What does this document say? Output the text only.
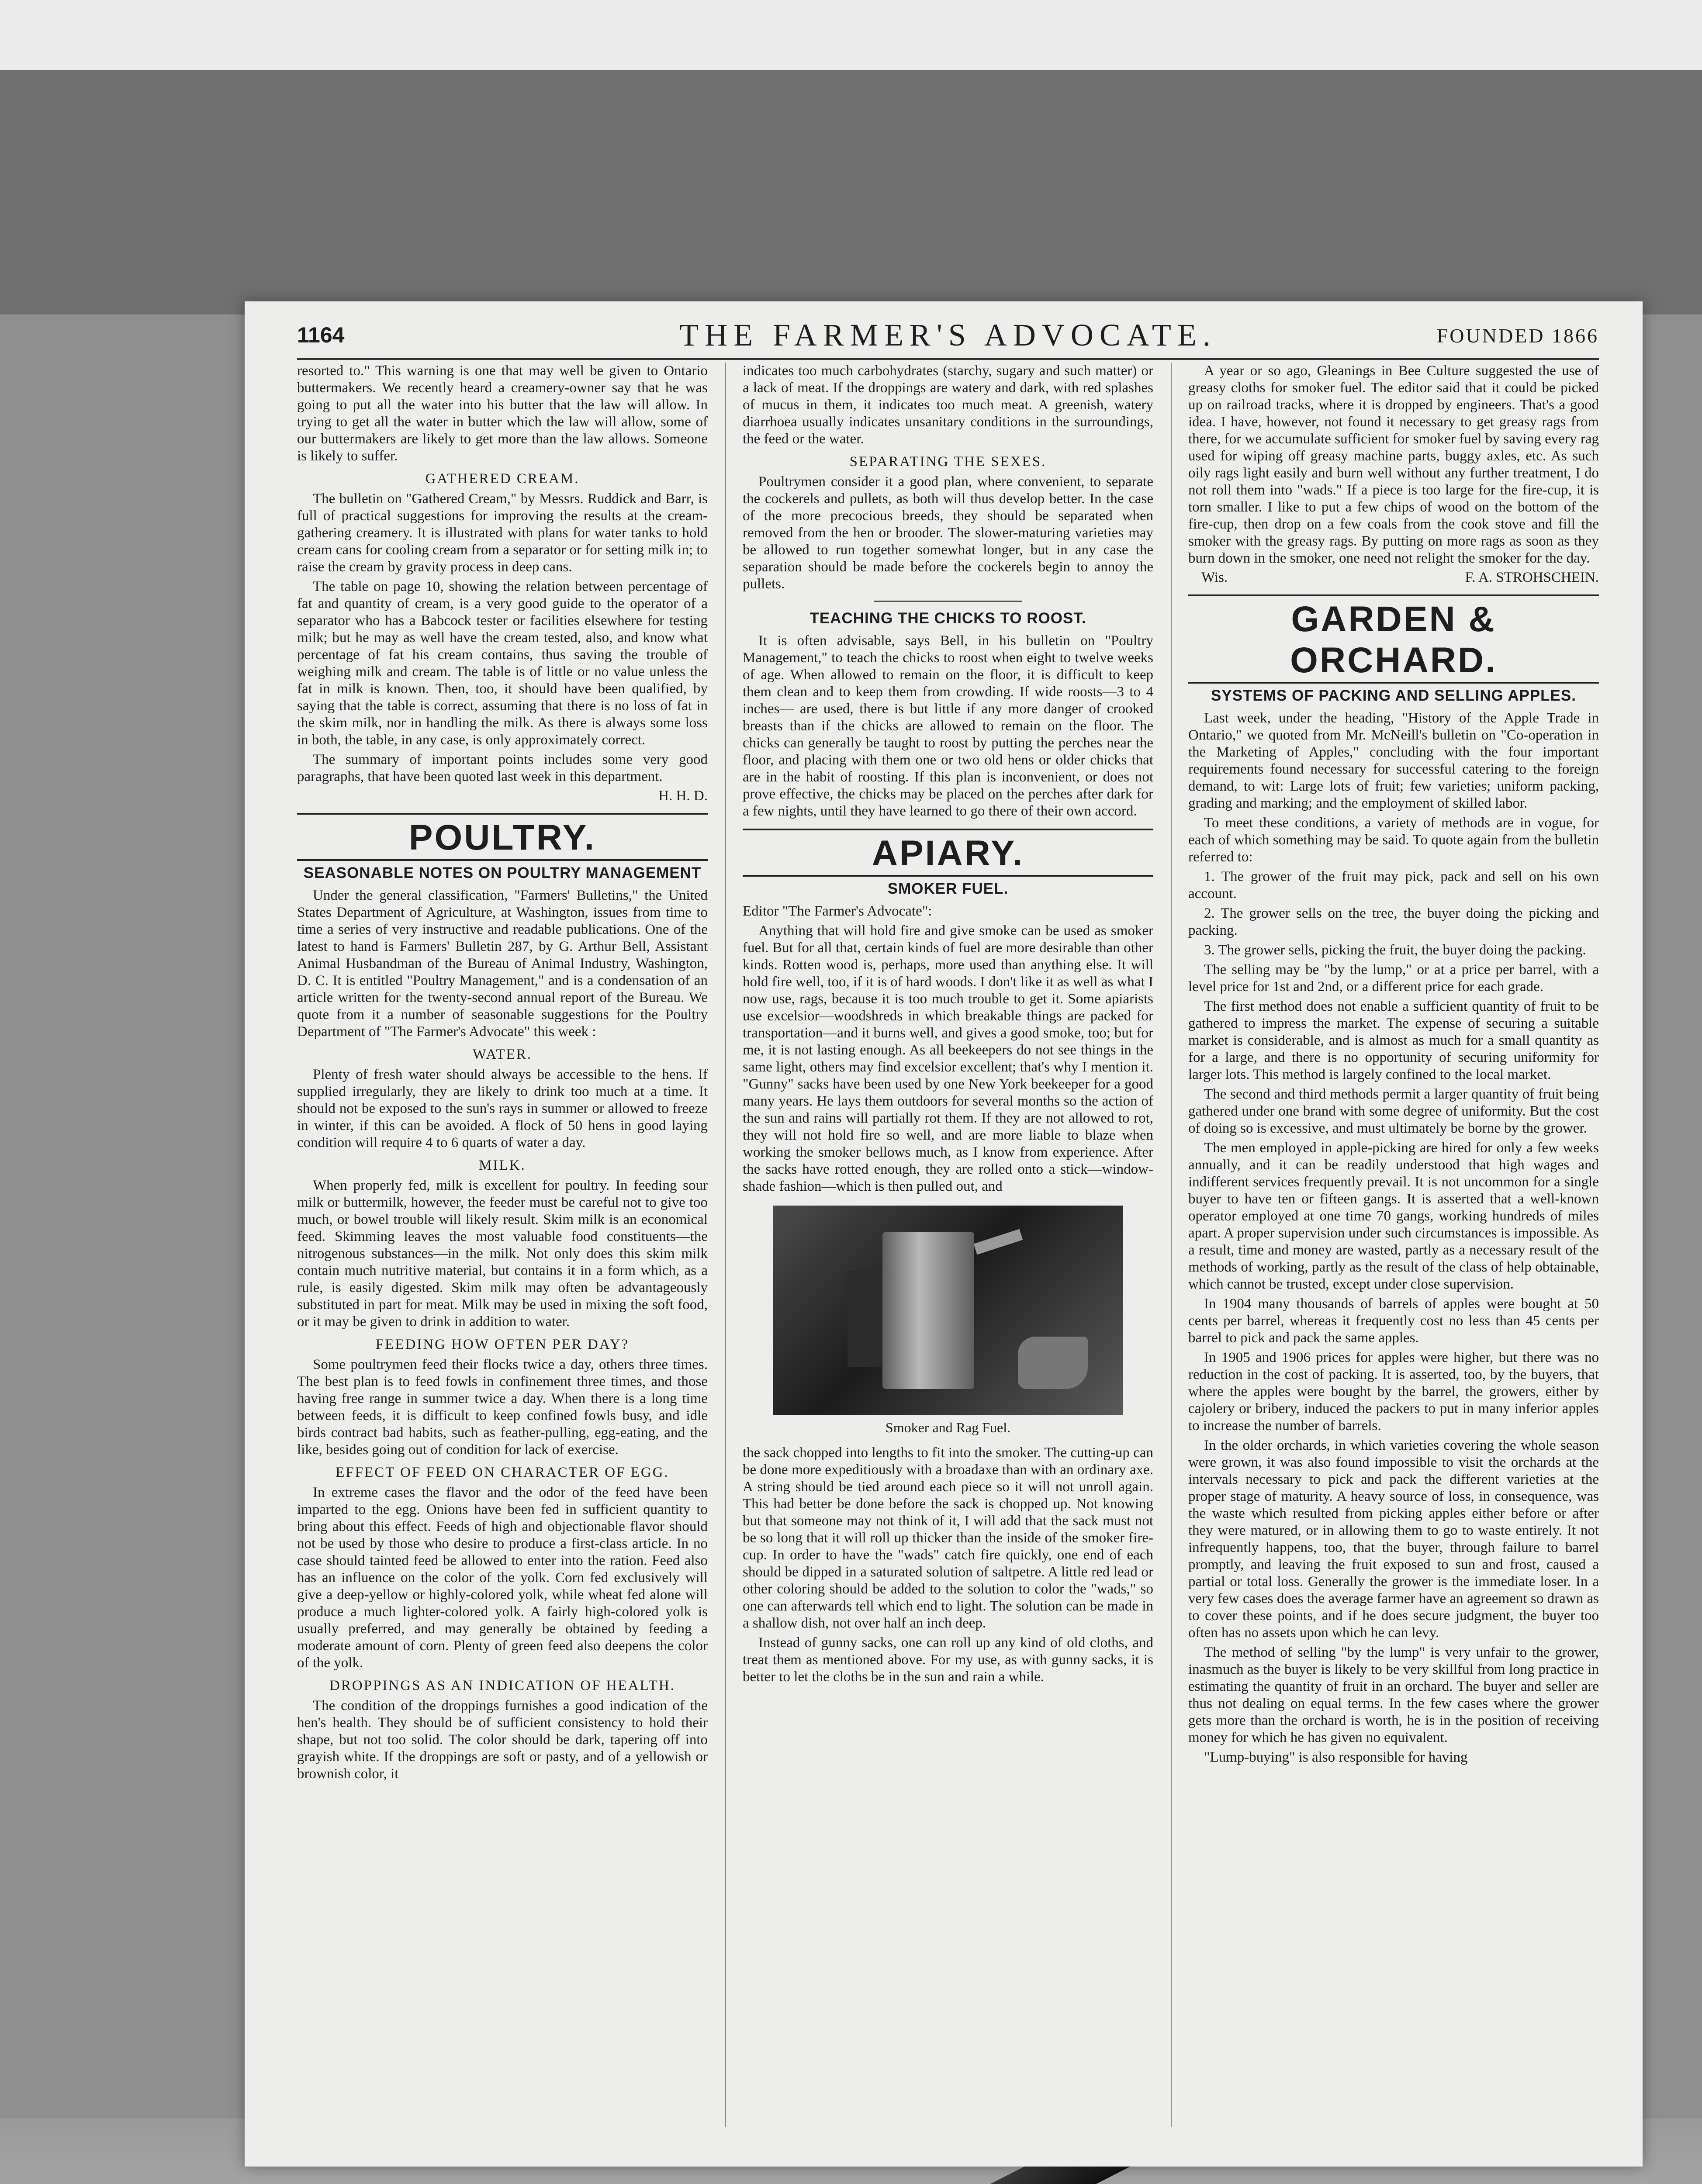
1164	THE FARMER'S ADVOCATE.	FOUNDED 1866

resorted to." This warning is one that may well be given to Ontario buttermakers. We recently heard a creamery-owner say that he was going to put all the water into his butter that the law will allow. In trying to get all the water in butter which the law will allow, some of our buttermakers are likely to get more than the law allows. Someone is likely to suffer.

GATHERED CREAM.

The bulletin on "Gathered Cream," by Messrs. Ruddick and Barr, is full of practical suggestions for improving the results at the cream-gathering creamery. It is illustrated with plans for water tanks to hold cream cans for cooling cream from a separator or for setting milk in; to raise the cream by gravity process in deep cans.

The table on page 10, showing the relation between percentage of fat and quantity of cream, is a very good guide to the operator of a separator who has a Babcock tester or facilities elsewhere for testing milk; but he may as well have the cream tested, also, and know what percentage of fat his cream contains, thus saving the trouble of weighing milk and cream. The table is of little or no value unless the fat in milk is known. Then, too, it should have been qualified, by saying that the table is correct, assuming that there is no loss of fat in the skim milk, nor in handling the milk. As there is always some loss in both, the table, in any case, is only approximately correct.

The summary of important points includes some very good paragraphs, that have been quoted last week in this department.

H. H. D.
POULTRY.
SEASONABLE NOTES ON POULTRY MANAGEMENT

Under the general classification, "Farmers' Bulletins," the United States Department of Agriculture, at Washington, issues from time to time a series of very instructive and readable publications. One of the latest to hand is Farmers' Bulletin 287, by G. Arthur Bell, Assistant Animal Husbandman of the Bureau of Animal Industry, Washington, D. C. It is entitled "Poultry Management," and is a condensation of an article written for the twenty-second annual report of the Bureau. We quote from it a number of seasonable suggestions for the Poultry Department of "The Farmer's Advocate" this week :

WATER.

Plenty of fresh water should always be accessible to the hens. If supplied irregularly, they are likely to drink too much at a time. It should not be exposed to the sun's rays in summer or allowed to freeze in winter, if this can be avoided. A flock of 50 hens in good laying condition will require 4 to 6 quarts of water a day.

MILK.

When properly fed, milk is excellent for poultry. In feeding sour milk or buttermilk, however, the feeder must be careful not to give too much, or bowel trouble will likely result. Skim milk is an economical feed. Skimming leaves the most valuable food constituents—the nitrogenous substances—in the milk. Not only does this skim milk contain much nutritive material, but contains it in a form which, as a rule, is easily digested. Skim milk may often be advantageously substituted in part for meat. Milk may be used in mixing the soft food, or it may be given to drink in addition to water.

FEEDING HOW OFTEN PER DAY?

Some poultrymen feed their flocks twice a day, others three times. The best plan is to feed fowls in confinement three times, and those having free range in summer twice a day. When there is a long time between feeds, it is difficult to keep confined fowls busy, and idle birds contract bad habits, such as feather-pulling, egg-eating, and the like, besides going out of condition for lack of exercise.

EFFECT OF FEED ON CHARACTER OF EGG.

In extreme cases the flavor and the odor of the feed have been imparted to the egg. Onions have been fed in sufficient quantity to bring about this effect. Feeds of high and objectionable flavor should not be used by those who desire to produce a first-class article. In no case should tainted feed be allowed to enter into the ration. Feed also has an influence on the color of the yolk. Corn fed exclusively will give a deep-yellow or highly-colored yolk, while wheat fed alone will produce a much lighter-colored yolk. A fairly high-colored yolk is usually preferred, and may generally be obtained by feeding a moderate amount of corn. Plenty of green feed also deepens the color of the yolk.

DROPPINGS AS AN INDICATION OF HEALTH.

The condition of the droppings furnishes a good indication of the hen's health. They should be of sufficient consistency to hold their shape, but not too solid. The color should be dark, tapering off into grayish white. If the droppings are soft or pasty, and of a yellowish or brownish color, it

indicates too much carbohydrates (starchy, sugary and such matter) or a lack of meat. If the droppings are watery and dark, with red splashes of mucus in them, it indicates too much meat. A greenish, watery diarrhoea usually indicates unsanitary conditions in the surroundings, the feed or the water.

SEPARATING THE SEXES.

Poultrymen consider it a good plan, where convenient, to separate the cockerels and pullets, as both will thus develop better. In the case of the more precocious breeds, they should be separated when removed from the hen or brooder. The slower-maturing varieties may be allowed to run together somewhat longer, but in any case the separation should be made before the cockerels begin to annoy the pullets.

TEACHING THE CHICKS TO ROOST.

It is often advisable, says Bell, in his bulletin on "Poultry Management," to teach the chicks to roost when eight to twelve weeks of age. When allowed to remain on the floor, it is difficult to keep them clean and to keep them from crowding. If wide roosts—3 to 4 inches— are used, there is but little if any more danger of crooked breasts than if the chicks are allowed to remain on the floor. The chicks can generally be taught to roost by putting the perches near the floor, and placing with them one or two old hens or older chicks that are in the habit of roosting. If this plan is inconvenient, or does not prove effective, the chicks may be placed on the perches after dark for a few nights, until they have learned to go there of their own accord.

APIARY.
SMOKER FUEL.

Editor "The Farmer's Advocate":

Anything that will hold fire and give smoke can be used as smoker fuel. But for all that, certain kinds of fuel are more desirable than other kinds. Rotten wood is, perhaps, more used than anything else. It will hold fire well, too, if it is of hard woods. I don't like it as well as what I now use, rags, because it is too much trouble to get it. Some apiarists use excelsior—woodshreds in which breakable things are packed for transportation—and it burns well, and gives a good smoke, too; but for me, it is not lasting enough. As all beekeepers do not see things in the same light, others may find excelsior excellent; that's why I mention it. "Gunny" sacks have been used by one New York beekeeper for a good many years. He lays them outdoors for several months so the action of the sun and rains will partially rot them. If they are not allowed to rot, they will not hold fire so well, and are more liable to blaze when working the smoker bellows much, as I know from experience. After the sacks have rotted enough, they are rolled onto a stick—window-shade fashion—which is then pulled out, and

Smoker and Rag Fuel.

the sack chopped into lengths to fit into the smoker. The cutting-up can be done more expeditiously with a broadaxe than with an ordinary axe. A string should be tied around each piece so it will not unroll again. This had better be done before the sack is chopped up. Not knowing but that someone may not think of it, I will add that the sack must not be so long that it will roll up thicker than the inside of the smoker fire-cup. In order to have the "wads" catch fire quickly, one end of each should be dipped in a saturated solution of saltpetre. A little red lead or other coloring should be added to the solution to color the "wads," so one can afterwards tell which end to light. The solution can be made in a shallow dish, not over half an inch deep.

Instead of gunny sacks, one can roll up any kind of old cloths, and treat them as mentioned above. For my use, as with gunny sacks, it is better to let the cloths be in the sun and rain a while.

A year or so ago, Gleanings in Bee Culture suggested the use of greasy cloths for smoker fuel. The editor said that it could be picked up on railroad tracks, where it is dropped by engineers. That's a good idea. I have, however, not found it necessary to get greasy rags from there, for we accumulate sufficient for smoker fuel by saving every rag used for wiping off greasy machine parts, buggy axles, etc. As such oily rags light easily and burn well without any further treatment, I do not roll them into "wads." If a piece is too large for the fire-cup, it is torn smaller. I like to put a few chips of wood on the bottom of the fire-cup, then drop on a few coals from the cook stove and fill the smoker with the greasy rags. By putting on more rags as soon as they burn down in the smoker, one need not relight the smoker for the day.

Wis.	F. A. STROHSCHEIN.
GARDEN & ORCHARD.
SYSTEMS OF PACKING AND SELLING APPLES.

Last week, under the heading, "History of the Apple Trade in Ontario," we quoted from Mr. McNeill's bulletin on "Co-operation in the Marketing of Apples," concluding with the four important requirements found necessary for successful catering to the foreign demand, to wit: Large lots of fruit; few varieties; uniform packing, grading and marking; and the employment of skilled labor.

To meet these conditions, a variety of methods are in vogue, for each of which something may be said. To quote again from the bulletin referred to:

1. The grower of the fruit may pick, pack and sell on his own account.

2. The grower sells on the tree, the buyer doing the picking and packing.

3. The grower sells, picking the fruit, the buyer doing the packing.

The selling may be "by the lump," or at a price per barrel, with a level price for 1st and 2nd, or a different price for each grade.

The first method does not enable a sufficient quantity of fruit to be gathered to impress the market. The expense of securing a suitable market is considerable, and is almost as much for a small quantity as for a large, and there is no opportunity of securing uniformity for larger lots. This method is largely confined to the local market.

The second and third methods permit a larger quantity of fruit being gathered under one brand with some degree of uniformity. But the cost of doing so is excessive, and must ultimately be borne by the grower.

The men employed in apple-picking are hired for only a few weeks annually, and it can be readily understood that high wages and indifferent services frequently prevail. It is not uncommon for a single buyer to have ten or fifteen gangs. It is asserted that a well-known operator employed at one time 70 gangs, working hundreds of miles apart. A proper supervision under such circumstances is impossible. As a result, time and money are wasted, partly as a necessary result of the methods of working, partly as the result of the class of help obtainable, which cannot be trusted, except under close supervision.

In 1904 many thousands of barrels of apples were bought at 50 cents per barrel, whereas it frequently cost no less than 45 cents per barrel to pick and pack the same apples.

In 1905 and 1906 prices for apples were higher, but there was no reduction in the cost of packing. It is asserted, too, by the buyers, that where the apples were bought by the barrel, the growers, either by cajolery or bribery, induced the packers to put in many inferior apples to increase the number of barrels.

In the older orchards, in which varieties covering the whole season were grown, it was also found impossible to visit the orchards at the intervals necessary to pick and pack the different varieties at the proper stage of maturity. A heavy source of loss, in consequence, was the waste which resulted from picking apples either before or after they were matured, or in allowing them to go to waste entirely. It not infrequently happens, too, that the buyer, through failure to barrel promptly, and leaving the fruit exposed to sun and frost, caused a partial or total loss. Generally the grower is the immediate loser. In a very few cases does the average farmer have an agreement so drawn as to cover these points, and if he does secure judgment, the buyer too often has no assets upon which he can levy.

The method of selling "by the lump" is very unfair to the grower, inasmuch as the buyer is likely to be very skillful from long practice in estimating the quantity of fruit in an orchard. The buyer and seller are thus not dealing on equal terms. In the few cases where the grower gets more than the orchard is worth, he is in the position of receiving money for which he has given no equivalent.

"Lump-buying" is also responsible for having
